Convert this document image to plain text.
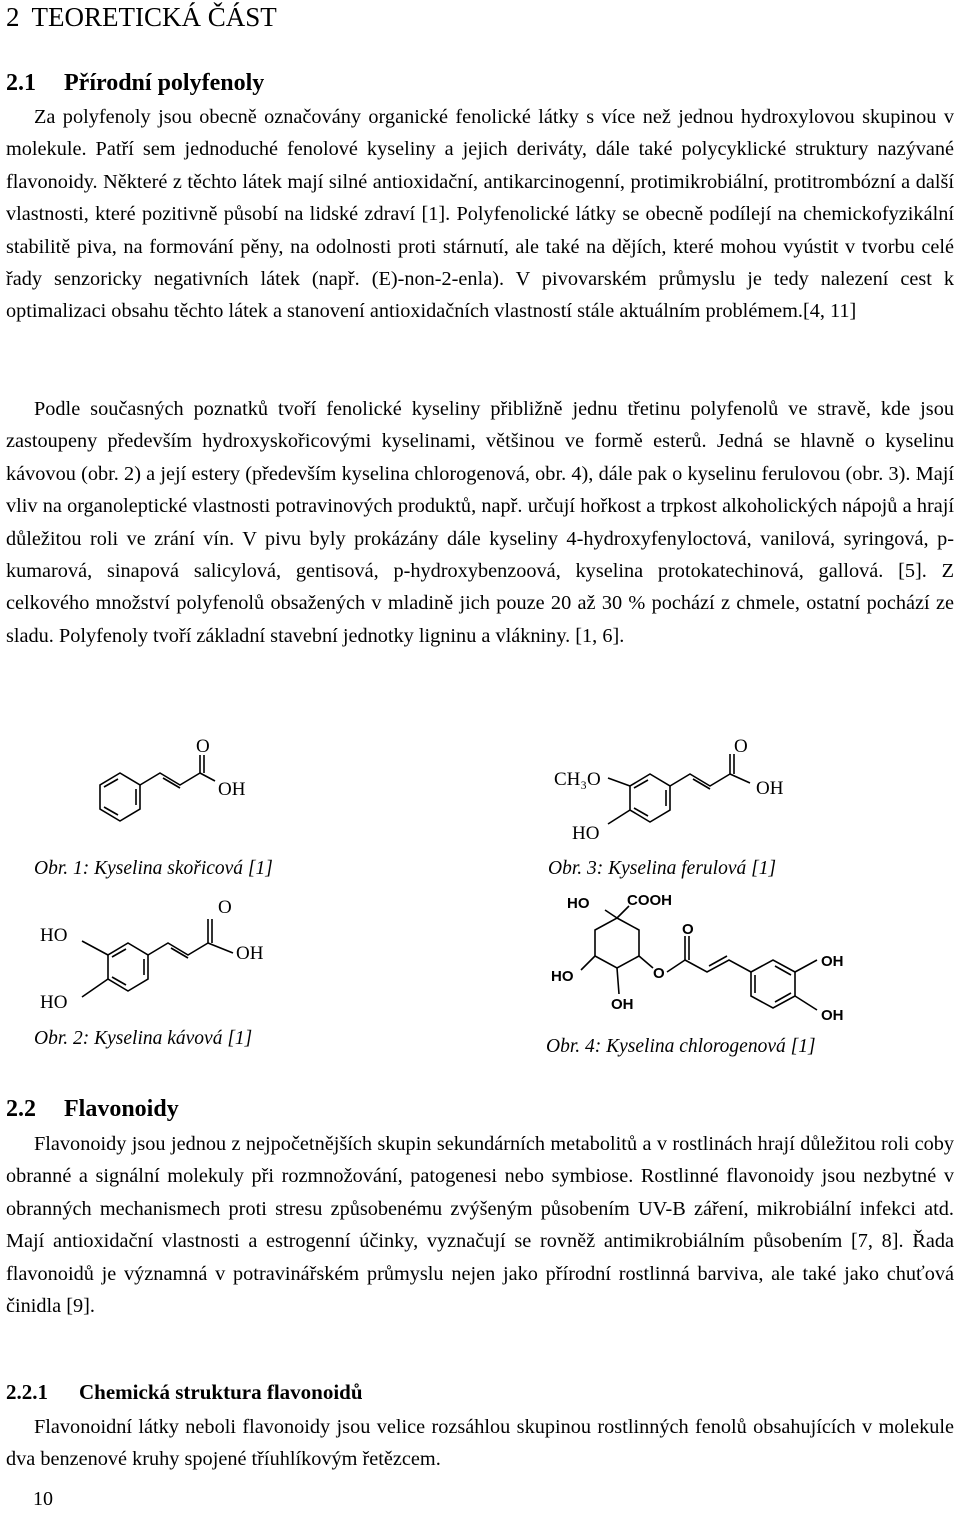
2 TEORETICKÁ ČÁST
2.1 Přírodní polyfenoly

Za polyfenoly jsou obecně označovány organické fenolické látky s více než jednou hydroxylovou skupinou v molekule. Patří sem jednoduché fenolové kyseliny a jejich deriváty, dále také polycyklické struktury nazývané flavonoidy. Některé z těchto látek mají silné antioxidační, antikarcinogenní, protimikrobiální, protitrombózní a další vlastnosti, které pozitivně působí na lidské zdraví [1]. Polyfenolické látky se obecně podílejí na chemickofyzikální stabilitě piva, na formování pěny, na odolnosti proti stárnutí, ale také na dějích, které mohou vyústit v tvorbu celé řady senzoricky negativních látek (např. (E)-non-2-enla). V pivovarském průmyslu je tedy nalezení cest k optimalizaci obsahu těchto látek a stanovení antioxidačních vlastností stále aktuálním problémem.[4, 11]

Podle současných poznatků tvoří fenolické kyseliny přibližně jednu třetinu polyfenolů ve stravě, kde jsou zastoupeny především hydroxyskořicovými kyselinami, většinou ve formě esterů. Jedná se hlavně o kyselinu kávovou (obr. 2) a její estery (především kyselina chlorogenová, obr. 4), dále pak o kyselinu ferulovou (obr. 3). Mají vliv na organoleptické vlastnosti potravinových produktů, např. určují hořkost a trpkost alkoholických nápojů a hrají důležitou roli ve zrání vín. V pivu byly prokázány dále kyseliny 4-hydroxyfenyloctová, vanilová, syringová, p-kumarová, sinapová salicylová, gentisová, p-hydroxybenzoová, kyselina protokatechinová, gallová. [5]. Z celkového množství polyfenolů obsažených v mladině jich pouze 20 až 30 % pochází z chmele, ostatní pochází ze sladu. Polyfenoly tvoří základní stavební jednotky ligninu a vlákniny. [1, 6].

O
OH

Obr. 1: Kyselina skořicová [1]

HO
HO
O
OH

Obr. 2: Kyselina kávová [1]

CH₃O
HO
O
OH

Obr. 3: Kyselina ferulová [1]

HO	COOH
HO
OH
O
O
OH
OH

Obr. 4: Kyselina chlorogenová [1]

2.2 Flavonoidy

Flavonoidy jsou jednou z nejpočetnějších skupin sekundárních metabolitů a v rostlinách hrají důležitou roli coby obranné a signální molekuly při rozmnožování, patogenesi nebo symbiose. Rostlinné flavonoidy jsou nezbytné v obranných mechanismech proti stresu způsobenému zvýšeným působením UV-B záření, mikrobiální infekci atd. Mají antioxidační vlastnosti a estrogenní účinky, vyznačují se rovněž antimikrobiálním působením [7, 8]. Řada flavonoidů je významná v potravinářském průmyslu nejen jako přírodní rostlinná barviva, ale také jako chuťová činidla [9].

2.2.1 Chemická struktura flavonoidů

Flavonoidní látky neboli flavonoidy jsou velice rozsáhlou skupinou rostlinných fenolů obsahujících v molekule dva benzenové kruhy spojené tříuhlíkovým řetězcem.

10
